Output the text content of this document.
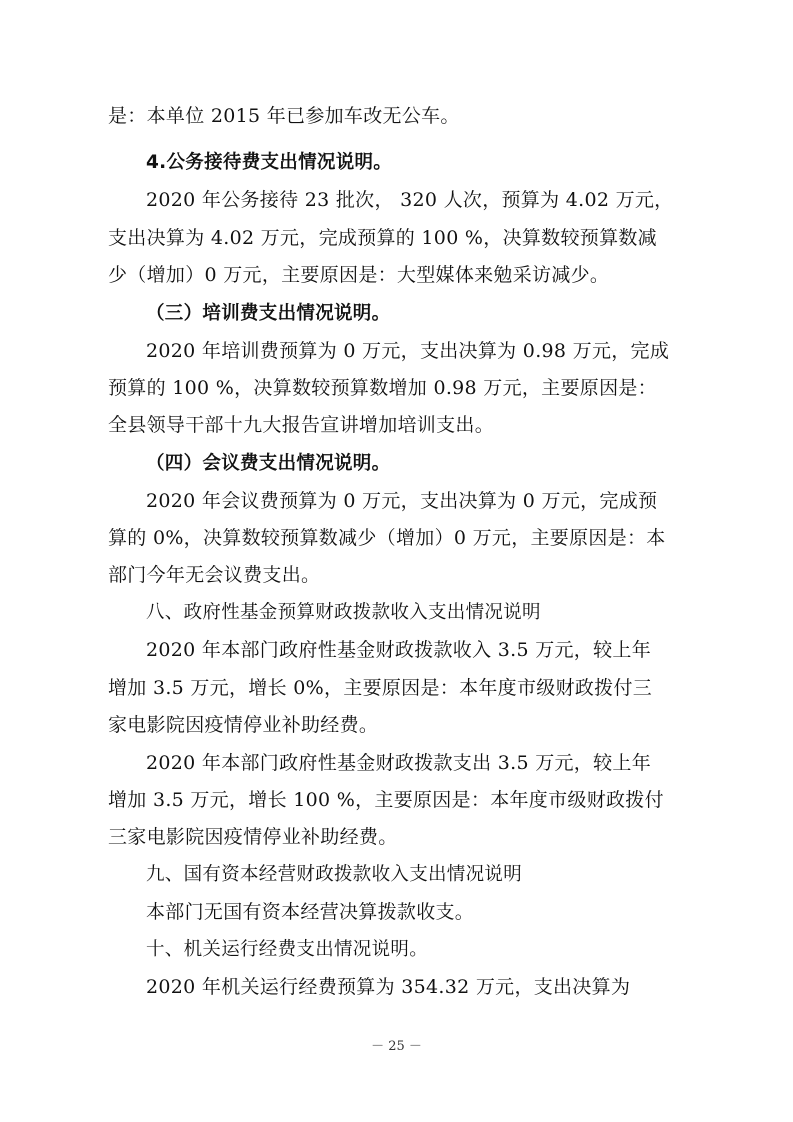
是：本单位 2015 年已参加车改无公车。
4.公务接待费支出情况说明。
2020 年公务接待 23 批次， 320 人次，预算为 4.02 万元，
支出决算为 4.02 万元，完成预算的 100 %，决算数较预算数减
少（增加）0 万元，主要原因是：大型媒体来勉采访减少。
（三）培训费支出情况说明。
2020 年培训费预算为 0 万元，支出决算为 0.98 万元，完成
预算的 100 %，决算数较预算数增加 0.98 万元，主要原因是：
全县领导干部十九大报告宣讲增加培训支出。
（四）会议费支出情况说明。
2020 年会议费预算为 0 万元，支出决算为 0 万元，完成预
算的 0%，决算数较预算数减少（增加）0 万元，主要原因是：本
部门今年无会议费支出。
八、政府性基金预算财政拨款收入支出情况说明
2020 年本部门政府性基金财政拨款收入 3.5 万元，较上年
增加 3.5 万元，增长 0%，主要原因是：本年度市级财政拨付三
家电影院因疫情停业补助经费。
2020 年本部门政府性基金财政拨款支出 3.5 万元，较上年
增加 3.5 万元，增长 100 %，主要原因是：本年度市级财政拨付
三家电影院因疫情停业补助经费。
九、国有资本经营财政拨款收入支出情况说明
本部门无国有资本经营决算拨款收支。
十、机关运行经费支出情况说明。
2020 年机关运行经费预算为 354.32 万元，支出决算为
－ 25 －
